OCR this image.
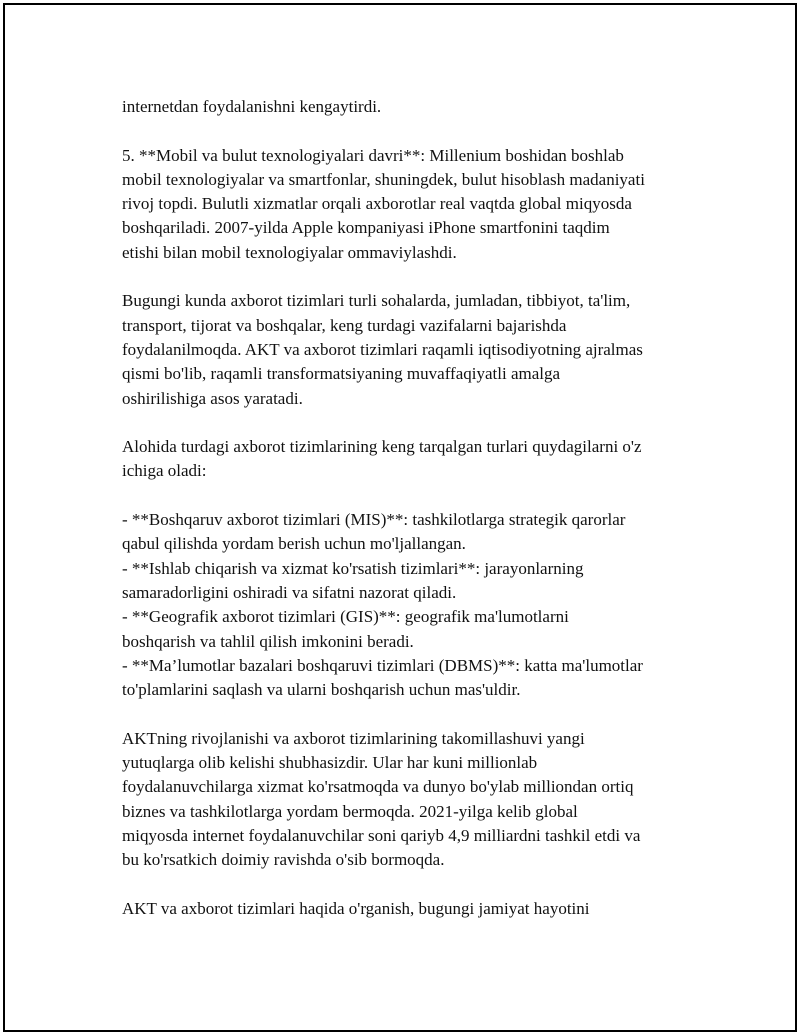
internetdan foydalanishni kengaytirdi.
5. **Mobil va bulut texnologiyalari davri**: Millenium boshidan boshlab
mobil texnologiyalar va smartfonlar, shuningdek, bulut hisoblash madaniyati
rivoj topdi. Bulutli xizmatlar orqali axborotlar real vaqtda global miqyosda
boshqariladi. 2007-yilda Apple kompaniyasi iPhone smartfonini taqdim
etishi bilan mobil texnologiyalar ommaviylashdi.
Bugungi kunda axborot tizimlari turli sohalarda, jumladan, tibbiyot, ta'lim,
transport, tijorat va boshqalar, keng turdagi vazifalarni bajarishda
foydalanilmoqda. AKT va axborot tizimlari raqamli iqtisodiyotning ajralmas
qismi bo'lib, raqamli transformatsiyaning muvaffaqiyatli amalga
oshirilishiga asos yaratadi.
Alohida turdagi axborot tizimlarining keng tarqalgan turlari quydagilarni o'z
ichiga oladi:
- **Boshqaruv axborot tizimlari (MIS)**: tashkilotlarga strategik qarorlar
qabul qilishda yordam berish uchun mo'ljallangan.
- **Ishlab chiqarish va xizmat ko'rsatish tizimlari**: jarayonlarning
samaradorligini oshiradi va sifatni nazorat qiladi.
- **Geografik axborot tizimlari (GIS)**: geografik ma'lumotlarni
boshqarish va tahlil qilish imkonini beradi.
- **Ma’lumotlar bazalari boshqaruvi tizimlari (DBMS)**: katta ma'lumotlar
to'plamlarini saqlash va ularni boshqarish uchun mas'uldir.
AKTning rivojlanishi va axborot tizimlarining takomillashuvi yangi
yutuqlarga olib kelishi shubhasizdir. Ular har kuni millionlab
foydalanuvchilarga xizmat ko'rsatmoqda va dunyo bo'ylab milliondan ortiq
biznes va tashkilotlarga yordam bermoqda. 2021-yilga kelib global
miqyosda internet foydalanuvchilar soni qariyb 4,9 milliardni tashkil etdi va
bu ko'rsatkich doimiy ravishda o'sib bormoqda.
AKT va axborot tizimlari haqida o'rganish, bugungi jamiyat hayotini
